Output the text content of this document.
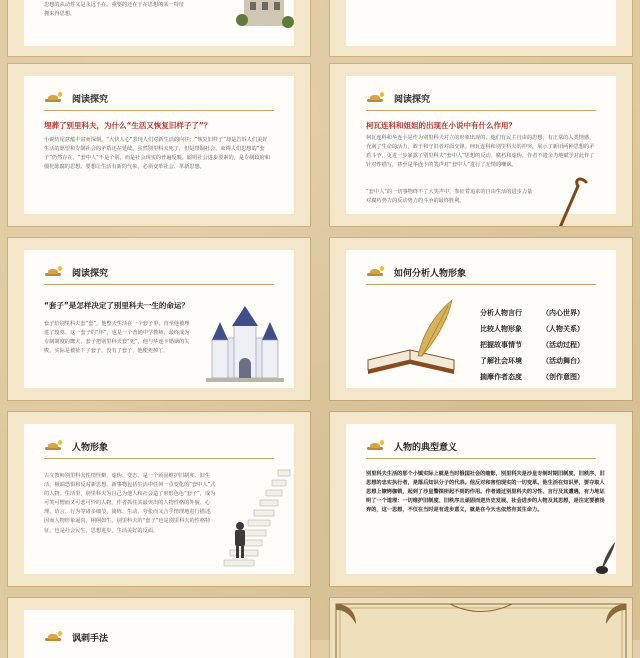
思想的从动性又是永远不在。重要的还在于在思想的某一特征
拥来得思想。
阅读探究
埋葬了别里科夫，为什么“生活又恢复旧样子了”？
小说结尾意蕴丰富而深刻。“大快人心”表现人们对新生活的向往；“恢复旧样子”却是告诉人们美好生活的愿望和专制社会的矛盾还在延续。虽然别里科夫死了，但是禁锢社会、束缚人们思想的“套子”仍然存在。“套中人”不是个别，而是社会现实的普遍反映。聪明社会进步要素的，是专制政府和僵化陈腐的思想。要想让生活有新的气象，必须变革社会、革新思想。
阅读探究
柯瓦连科和姐姐的出现在小说中有什么作用？
柯瓦连科和华连卡是作为别里科夫对立的形象出现的，他们有民主自由的思想，有正常的人类情感，充满了生命的活力，敢于和守旧者对面交锋。柯瓦连科和别里科夫的冲突，展示了新旧两种思想的矛盾斗争，更进一步暴露了别里科夫“套中人”思想的反动、腐朽和虚伪。作者不遗余力地赋予对此作了针对性描写，甚至是华连卡的笑声对“套中人”进行了无情的嘲讽。
“套中人”的一切事物终不了大笑声中，参征着追求的自由生活的进步力量对腐朽势力的反动势力的斗争的最终胜利。
阅读探究
“套子”是怎样决定了别里科夫一生的命运？
套子给别里科夫套“套”，他整天生活在一个套子里，直至他被埋进了坟墓。这一套子的“坏”，也是一个普通中学教师，最终成为专制制度的鹰犬，套子把别里科夫套“死”，他与华连卡婚姻的失败，实际是被扯下了套子，没有了套子，他便死掉了。
如何分析人物形象
分析人物言行	（内心世界）
比较人物形象	（人物关系）
把握故事情节	（活动过程）
了解社会环境	（活动舞台）
揣摩作者态度	（创作意图）
人物形象
古文教师别里科夫性情怪僻、虚伪、变态，是一个顽固维护旧制度、旧生活，极端恐惧和反对新思想、新事物包括生活中任何一点变化的“套中人”式的人物。生活里，别里科夫为自己为他人和社会造了形形色色“套子”，成为可笑可憎而又可悲可怜的人物。作者抓住其最突出的人物性格的外貌、心理、语言、行为等诸多细节，简练、生动、夸张而又合乎情理地进行描述，因而人物形象逼真，栩栩如生。别里科夫的“套子”也是别里科夫的性格特征，也是社会民生，思想进步，生活美好的反面。
人物的典型意义
别里科夫生活的那个小镇实际上就是当时俄国社会的缩影，别里科夫是沙皇专制时期旧制度、旧秩序、旧思想的忠实执行者，是落后知识分子的代表。他反对和害怕现实的一切变革。他生活在知识界，要夺取人思想上镣铐枷锁，起到了沙皇警探所起不到的作用。作者通过别里科夫的习性、言行及其遭遇，有力地证明了一个道理：一切维护旧制度、旧秩序且顽固而逆历史发展、社会进步的人物及其思想，是注定要被扬弃的，这一思想，不仅在当时是有进步意义，就是在今天也依然有其生命力。
讽刺手法
